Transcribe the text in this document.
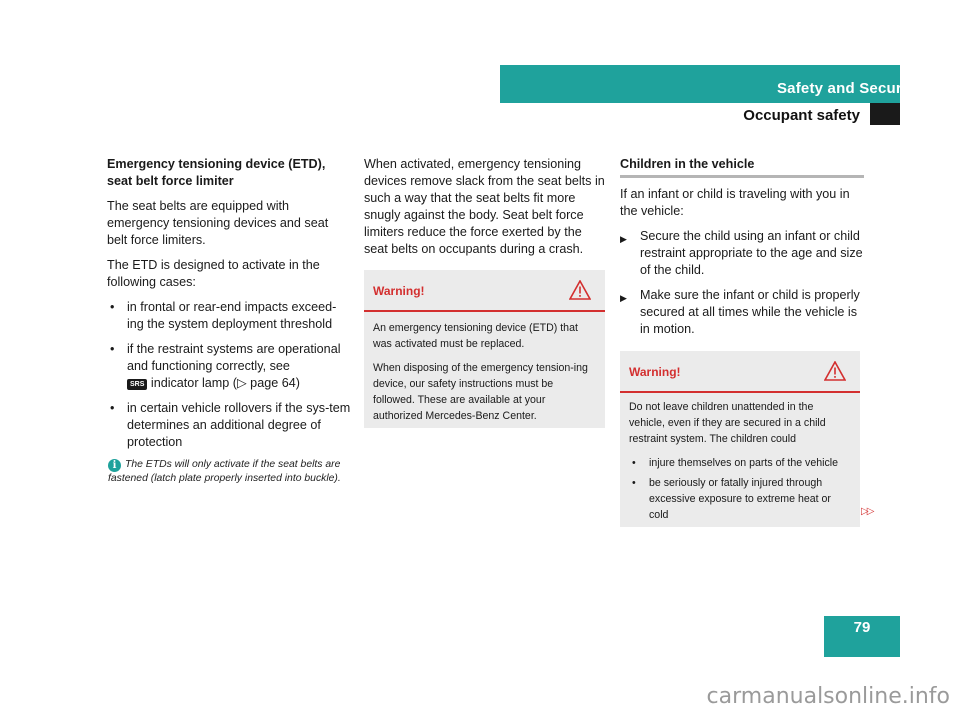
Safety and Security
Occupant safety

Emergency tensioning device (ETD), seat belt force limiter

The seat belts are equipped with emergency tensioning devices and seat belt force limiters.

The ETD is designed to activate in the following cases:

• in frontal or rear-end impacts exceed-ing the system deployment threshold
• if the restraint systems are operational and functioning correctly, see
SRS indicator lamp (▷ page 64)
• in certain vehicle rollovers if the sys-tem determines an additional degree of protection
i The ETDs will only activate if the seat belts are fastened (latch plate properly inserted into buckle).

When activated, emergency tensioning devices remove slack from the seat belts in such a way that the seat belts fit more snugly against the body. Seat belt force limiters reduce the force exerted by the seat belts on occupants during a crash.

Warning!

An emergency tensioning device (ETD) that was activated must be replaced.

When disposing of the emergency tension-ing device, our safety instructions must be followed. These are available at your authorized Mercedes-Benz Center.

Children in the vehicle

If an infant or child is traveling with you in the vehicle:

▶ Secure the child using an infant or child restraint appropriate to the age and size of the child.
▶ Make sure the infant or child is properly secured at all times while the vehicle is in motion.
Warning!

Do not leave children unattended in the vehicle, even if they are secured in a child restraint system. The children could

• injure themselves on parts of the vehicle
• be seriously or fatally injured through excessive exposure to extreme heat or cold	▷▷
79
carmanualsonline.info
